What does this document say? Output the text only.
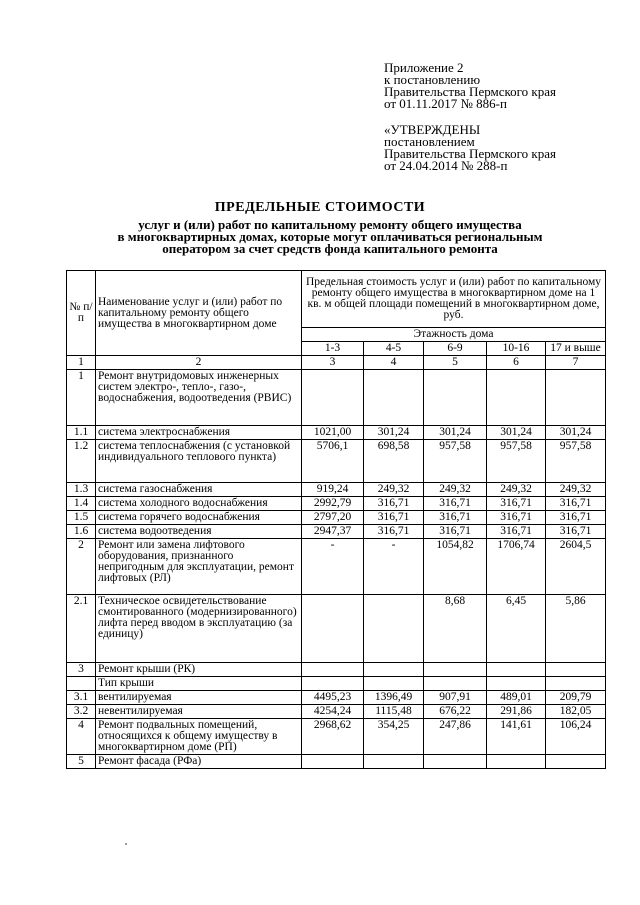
Приложение 2
к постановлению
Правительства Пермского края
от 01.11.2017 № 886-п
«УТВЕРЖДЕНЫ
постановлением
Правительства Пермского края
от 24.04.2014 № 288-п
ПРЕДЕЛЬНЫЕ СТОИМОСТИ
услуг и (или) работ по капитальному ремонту общего имущества
в многоквартирных домах, которые могут оплачиваться региональным
оператором за счет средств фонда капитального ремонта
№ п/п	Наименование услуг и (или) работ по капитальному ремонту общего имущества в многоквартирном доме	Предельная стоимость услуг и (или) работ по капитальному ремонту общего имущества в многоквартирном доме на 1 кв. м общей площади помещений в многоквартирном доме, руб.				
		Этажность дома				
		1-3	4-5	6-9	10-16	17 и выше
1	2	3	4	5	6	7
1	Ремонт внутридомовых инженерных систем электро-, тепло-, газо-, водоснабжения, водоотведения (РВИС)					
1.1	система электроснабжения	1021,00	301,24	301,24	301,24	301,24
1.2	система теплоснабжения (с установкой индивидуального теплового пункта)	5706,1	698,58	957,58	957,58	957,58
1.3	система газоснабжения	919,24	249,32	249,32	249,32	249,32
1.4	система холодного водоснабжения	2992,79	316,71	316,71	316,71	316,71
1.5	система горячего водоснабжения	2797,20	316,71	316,71	316,71	316,71
1.6	система водоотведения	2947,37	316,71	316,71	316,71	316,71
2	Ремонт или замена лифтового оборудования, признанного непригодным для эксплуатации, ремонт лифтовых (РЛ)	-	-	1054,82	1706,74	2604,5
2.1	Техническое освидетельствование смонтированного (модернизированного) лифта перед вводом в эксплуатацию (за единицу)			8,68	6,45	5,86
3	Ремонт крыши (РК)					
	Тип крыши					
3.1	вентилируемая	4495,23	1396,49	907,91	489,01	209,79
3.2	невентилируемая	4254,24	1115,48	676,22	291,86	182,05
4	Ремонт подвальных помещений, относящихся к общему имуществу в многоквартирном доме (РП)	2968,62	354,25	247,86	141,61	106,24
5	Ремонт фасада (РФа)					
